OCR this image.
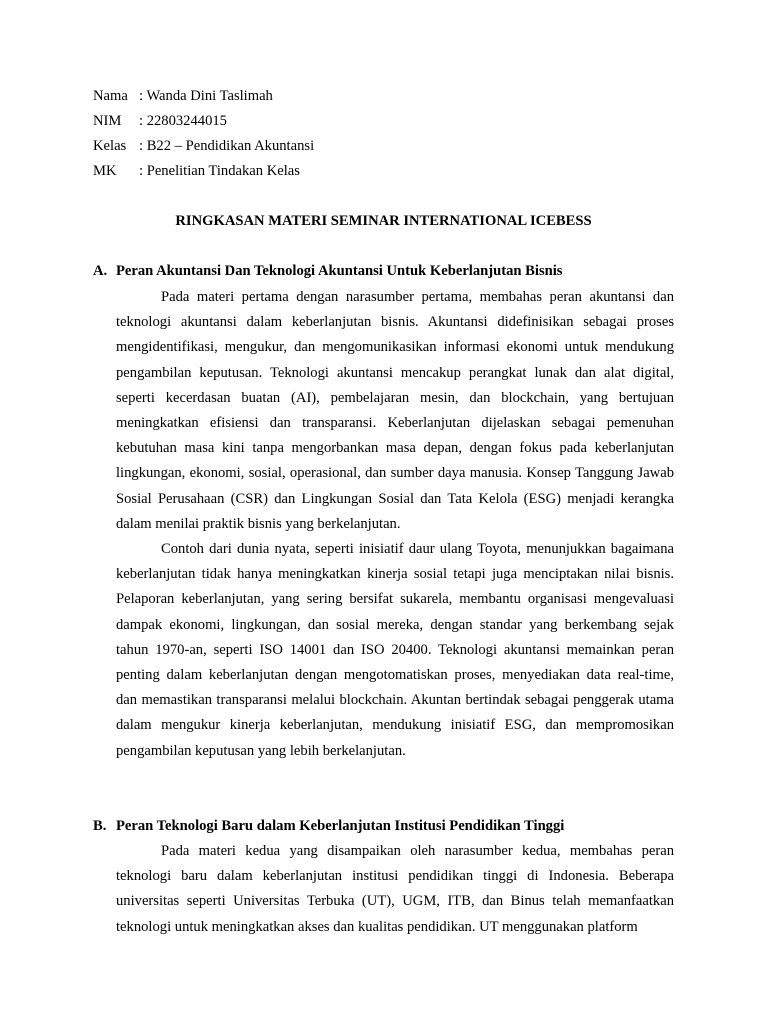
Nama : Wanda Dini Taslimah
NIM	: 22803244015
Kelas : B22 – Pendidikan Akuntansi
MK	: Penelitian Tindakan Kelas
RINGKASAN MATERI SEMINAR INTERNATIONAL ICEBESS
A. Peran Akuntansi Dan Teknologi Akuntansi Untuk Keberlanjutan Bisnis

Pada materi pertama dengan narasumber pertama, membahas peran akuntansi dan teknologi akuntansi dalam keberlanjutan bisnis. Akuntansi didefinisikan sebagai proses mengidentifikasi, mengukur, dan mengomunikasikan informasi ekonomi untuk mendukung pengambilan keputusan. Teknologi akuntansi mencakup perangkat lunak dan alat digital, seperti kecerdasan buatan (AI), pembelajaran mesin, dan blockchain, yang bertujuan meningkatkan efisiensi dan transparansi. Keberlanjutan dijelaskan sebagai pemenuhan kebutuhan masa kini tanpa mengorbankan masa depan, dengan fokus pada keberlanjutan lingkungan, ekonomi, sosial, operasional, dan sumber daya manusia. Konsep Tanggung Jawab Sosial Perusahaan (CSR) dan Lingkungan Sosial dan Tata Kelola (ESG) menjadi kerangka dalam menilai praktik bisnis yang berkelanjutan.

Contoh dari dunia nyata, seperti inisiatif daur ulang Toyota, menunjukkan bagaimana keberlanjutan tidak hanya meningkatkan kinerja sosial tetapi juga menciptakan nilai bisnis. Pelaporan keberlanjutan, yang sering bersifat sukarela, membantu organisasi mengevaluasi dampak ekonomi, lingkungan, dan sosial mereka, dengan standar yang berkembang sejak tahun 1970-an, seperti ISO 14001 dan ISO 20400. Teknologi akuntansi memainkan peran penting dalam keberlanjutan dengan mengotomatiskan proses, menyediakan data real-time, dan memastikan transparansi melalui blockchain. Akuntan bertindak sebagai penggerak utama dalam mengukur kinerja keberlanjutan, mendukung inisiatif ESG, dan mempromosikan pengambilan keputusan yang lebih berkelanjutan.

B. Peran Teknologi Baru dalam Keberlanjutan Institusi Pendidikan Tinggi

Pada materi kedua yang disampaikan oleh narasumber kedua, membahas peran teknologi baru dalam keberlanjutan institusi pendidikan tinggi di Indonesia. Beberapa universitas seperti Universitas Terbuka (UT), UGM, ITB, dan Binus telah memanfaatkan teknologi untuk meningkatkan akses dan kualitas pendidikan. UT menggunakan platform
